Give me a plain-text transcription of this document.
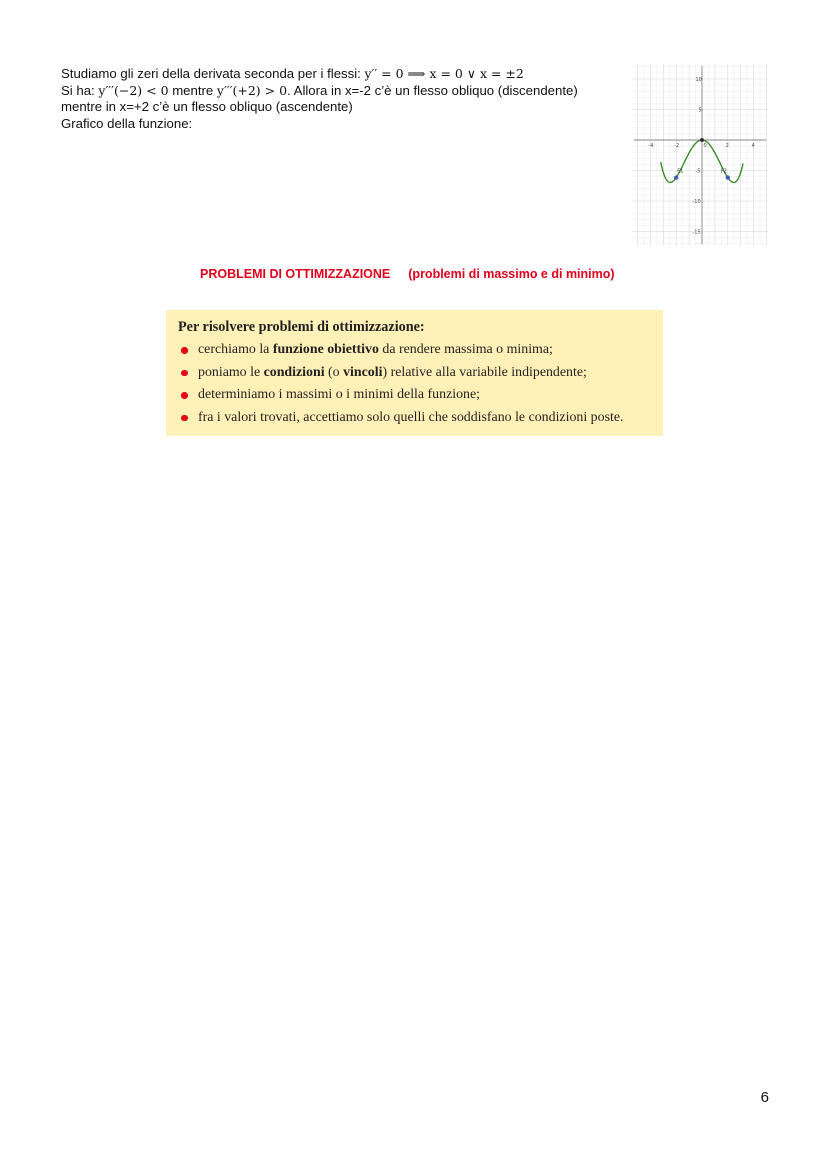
Studiamo gli zeri della derivata seconda per i flessi: y′′ = 0 ⟹ x = 0 ∨ x = ±2

Si ha: y′′′(−2) < 0 mentre y′′′(+2) > 0. Allora in x=-2 c’è un flesso obliquo (discendente)

mentre in x=+2 c’è un flesso obliquo (ascendente)

Grafico della funzione:

-4	-2	0	2	4
10
5
-5
-10
-15
F1	F2
PROBLEMI DI OTTIMIZZAZIONE (problemi di massimo e di minimo)
Per risolvere problemi di ottimizzazione:
cerchiamo la funzione obiettivo da rendere massima o minima;
poniamo le condizioni (o vincoli) relative alla variabile indipendente;
determiniamo i massimi o i minimi della funzione;
fra i valori trovati, accettiamo solo quelli che soddisfano le condizioni poste.
6
